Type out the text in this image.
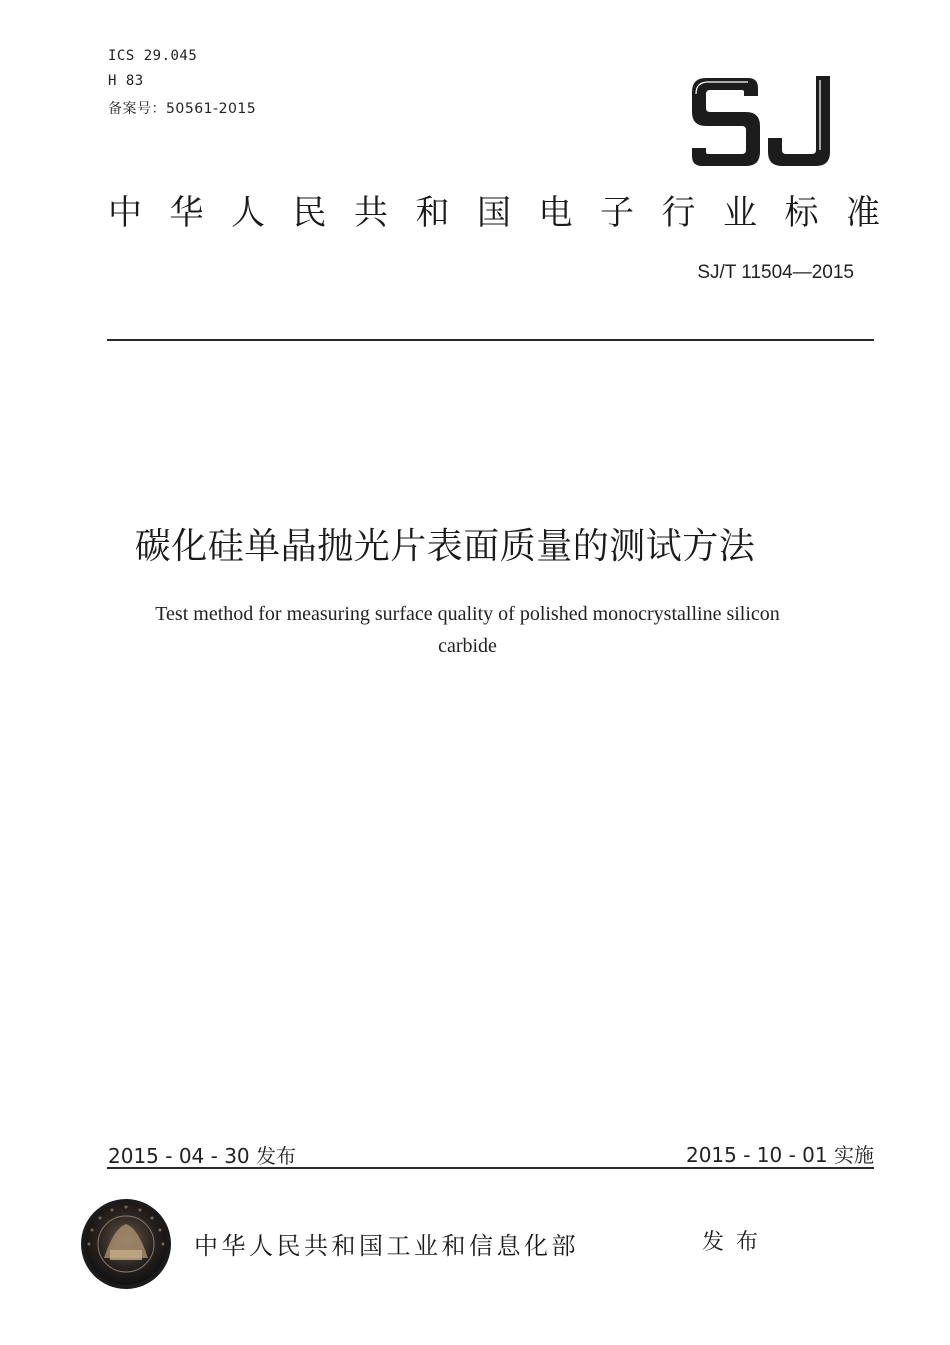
ICS 29.045
H 83
备案号：50561-2015
中华人民共和国电子行业标准
SJ/T 11504—2015
碳化硅单晶抛光片表面质量的测试方法
Test method for measuring surface quality of polished monocrystalline silicon
carbide
2015 - 04 - 30 发布	2015 - 10 - 01 实施
中华人民共和国工业和信息化部	发布
